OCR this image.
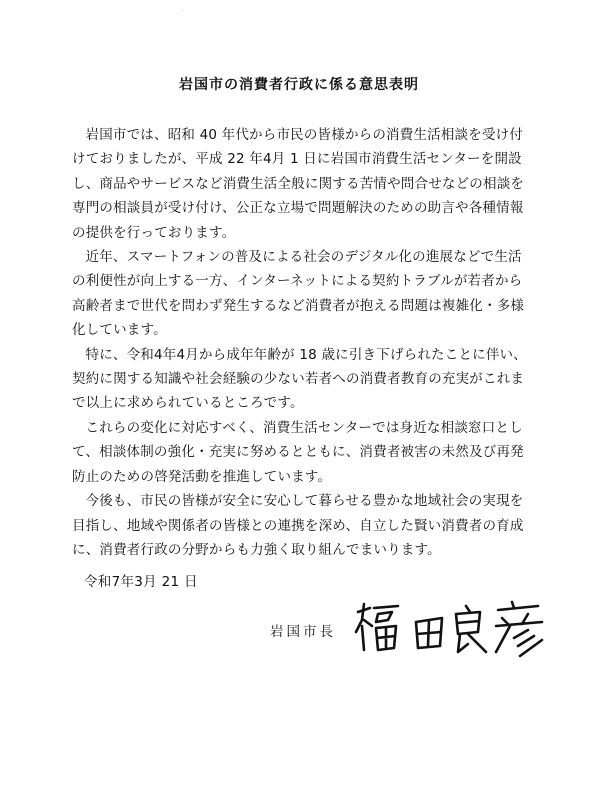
岩国市の消費者行政に係る意思表明

岩国市では、昭和 40 年代から市民の皆様からの消費生活相談を受け付けておりましたが、平成 22 年4月 1 日に岩国市消費生活センターを開設し、商品やサービスなど消費生活全般に関する苦情や問合せなどの相談を専門の相談員が受け付け、公正な立場で問題解決のための助言や各種情報の提供を行っております。

近年、スマートフォンの普及による社会のデジタル化の進展などで生活の利便性が向上する一方、インターネットによる契約トラブルが若者から高齢者まで世代を問わず発生するなど消費者が抱える問題は複雑化・多様化しています。

特に、令和4年4月から成年年齢が 18 歳に引き下げられたことに伴い、契約に関する知識や社会経験の少ない若者への消費者教育の充実がこれまで以上に求められているところです。

これらの変化に対応すべく、消費生活センターでは身近な相談窓口として、相談体制の強化・充実に努めるとともに、消費者被害の未然及び再発防止のための啓発活動を推進しています。

今後も、市民の皆様が安全に安心して暮らせる豊かな地域社会の実現を目指し、地域や関係者の皆様との連携を深め、自立した賢い消費者の育成に、消費者行政の分野からも力強く取り組んでまいります。

令和7年3月 21 日
岩国市長
